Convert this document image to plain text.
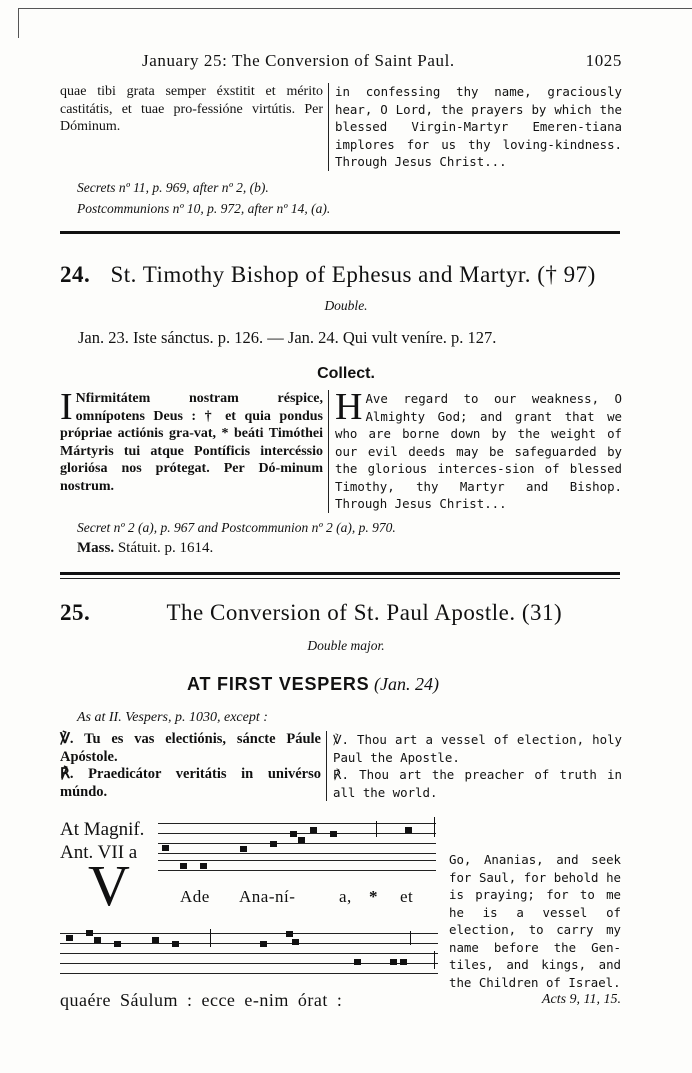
January 25: The Conversion of Saint Paul.	1025
quae tibi grata semper éxstitit et mérito castitátis, et tuae pro-fessióne virtútis. Per Dóminum.
in confessing thy name, graciously hear, O Lord, the prayers by which the blessed Virgin-Martyr Emeren-tiana implores for us thy loving-kindness. Through Jesus Christ...
Secrets nº 11, p. 969, after nº 2, (b).
Postcommunions nº 10, p. 972, after nº 14, (a).
24. St. Timothy Bishop of Ephesus and Martyr. († 97)
Double.
Jan. 23. Iste sánctus. p. 126. — Jan. 24. Qui vult veníre. p. 127.
Collect.
I Nfirmitátem nostram réspice, omnípotens Deus : † et quia pondus própriae actiónis gra-vat, * beáti Timóthei Mártyris tui atque Pontíficis intercéssio gloriósa nos prótegat. Per Dó-minum nostrum.
H Ave regard to our weakness, O Almighty God; and grant that we who are borne down by the weight of our evil deeds may be safeguarded by the glorious interces-sion of blessed Timothy, thy Martyr and Bishop. Through Jesus Christ...
Secret nº 2 (a), p. 967 and Postcommunion nº 2 (a), p. 970.
Mass. Státuit. p. 1614.
25.	The Conversion of St. Paul Apostle. (31)
Double major.
AT FIRST VESPERS (Jan. 24)
As at II. Vespers, p. 1030, except :
℣. Tu es vas electiónis, sáncte Páule Apóstole.
℟. Praedicátor veritátis in univérso múndo.
℣. Thou art a vessel of election, holy Paul the Apostle.
℟. Thou art the preacher of truth in all the world.
At Magnif.
Ant. VII a
V	Ade Ana-ní-	a, * et
quaére Sáulum : ecce e-nim órat :
Go, Ananias, and seek for Saul, for behold he is praying; for to me he is a vessel of election, to carry my name before the Gen-tiles, and kings, and the Children of Israel.
Acts 9, 11, 15.
